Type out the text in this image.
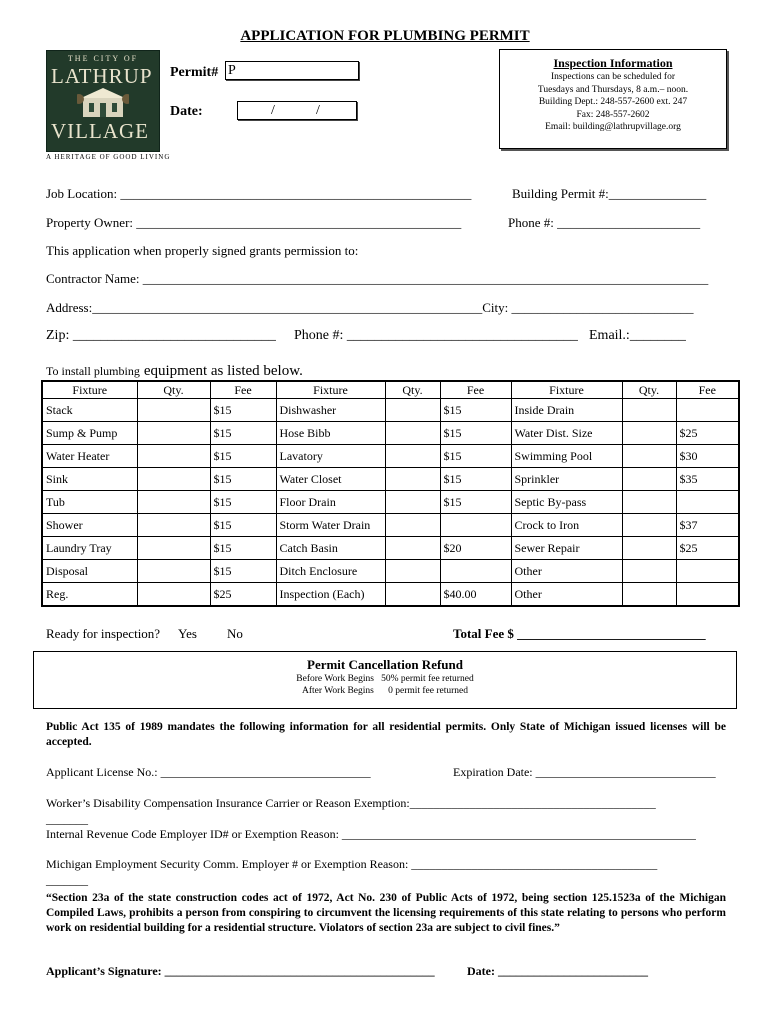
APPLICATION FOR PLUMBING PERMIT
THE CITY OF
LATHRUP
VILLAGE
A HERITAGE OF GOOD LIVING
Permit# P
Date:	/	/
Inspection Information
Inspections can be scheduled for
Tuesdays and Thursdays, 8 a.m.– noon.
Building Dept.: 248-557-2600 ext. 247
Fax: 248-557-2602
Email: building@lathrupvillage.org
Job Location: ______________________________________________________	Building Permit #:_______________
Property Owner: __________________________________________________	Phone #: ______________________
This application when properly signed grants permission to:
Contractor Name: _______________________________________________________________________________________
Address:____________________________________________________________City: ____________________________
Zip: _____________________________ Phone #: _________________________________ Email.:________
To install plumbing equipment as listed below.
Fixture	Qty.	Fee	Fixture	Qty.	Fee	Fixture	Qty.	Fee
Stack		$15	Dishwasher		$15	Inside Drain		
Sump & Pump		$15	Hose Bibb		$15	Water Dist. Size		$25
Water Heater		$15	Lavatory		$15	Swimming Pool		$30
Sink		$15	Water Closet		$15	Sprinkler		$35
Tub		$15	Floor Drain		$15	Septic By-pass		
Shower		$15	Storm Water Drain			Crock to Iron		$37
Laundry Tray		$15	Catch Basin		$20	Sewer Repair		$25
Disposal		$15	Ditch Enclosure			Other		
Reg.		$25	Inspection (Each)		$40.00	Other		
Ready for inspection? Yes No	Total Fee $ _____________________________
Permit Cancellation Refund
Before Work Begins   50% permit fee returned
After Work Begins      0 permit fee returned
Public Act 135 of 1989 mandates the following information for all residential permits. Only State of Michigan issued licenses will be accepted.
Applicant License No.: ___________________________________	Expiration Date: ______________________________
Worker’s Disability Compensation Insurance Carrier or Reason Exemption:_________________________________________
_______
Internal Revenue Code Employer ID# or Exemption Reason: ___________________________________________________________
Michigan Employment Security Comm. Employer # or Exemption Reason: _________________________________________
_______
“Section 23a of the state construction codes act of 1972, Act No. 230 of Public Acts of 1972, being section 125.1523a of the Michigan Compiled Laws, prohibits a person from conspiring to circumvent the licensing requirements of this state relating to persons who perform work on residential building for a residential structure. Violators of section 23a are subject to civil fines.”
Applicant’s Signature: _____________________________________________	Date: _________________________
